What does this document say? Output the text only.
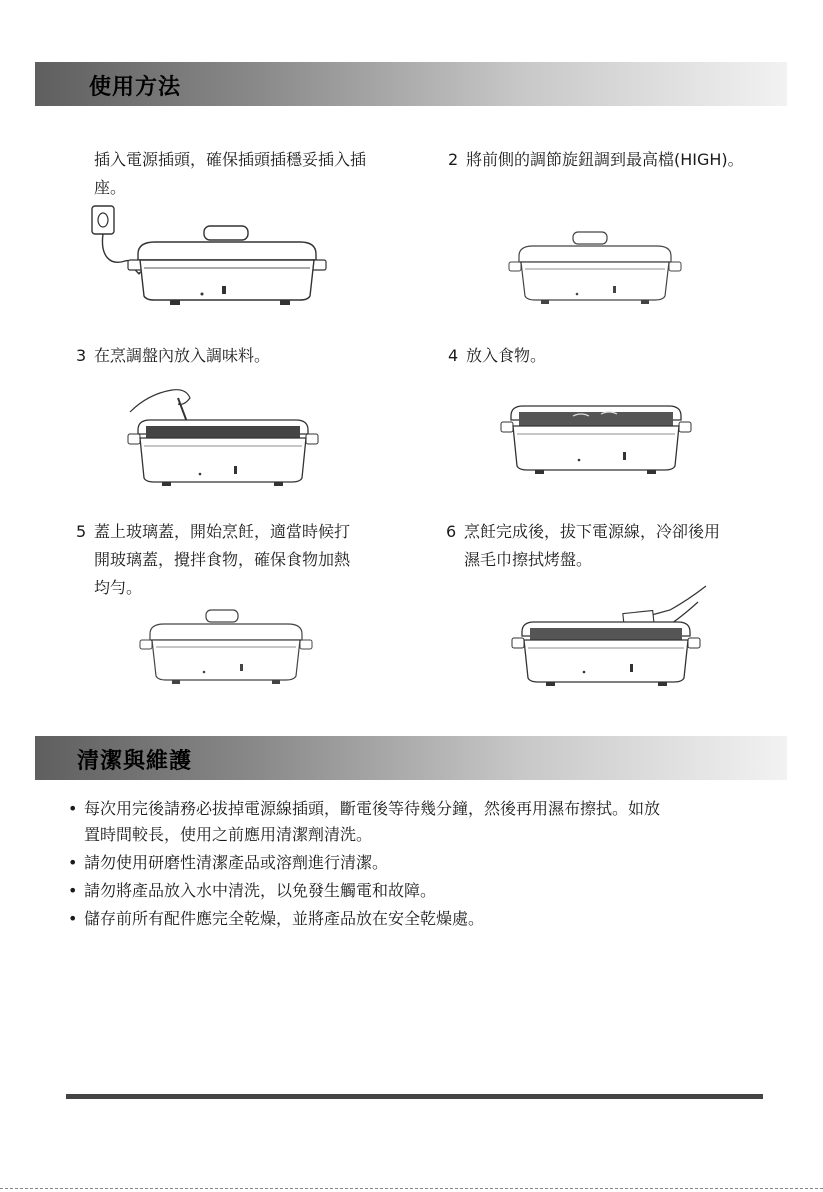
使用方法
插入電源插頭，確保插頭插穩妥插入插
座。
2 將前側的調節旋鈕調到最高檔(HIGH)。
3 在烹調盤內放入調味料。	4 放入食物。
5 蓋上玻璃蓋，開始烹飪，適當時候打
開玻璃蓋，攪拌食物，確保食物加熱
均勻。
6 烹飪完成後，拔下電源線，冷卻後用
濕毛巾擦拭烤盤。
清潔與維護
• 每次用完後請務必拔掉電源線插頭，斷電後等待幾分鐘，然後再用濕布擦拭。如放
置時間較長，使用之前應用清潔劑清洗。
• 請勿使用研磨性清潔產品或溶劑進行清潔。
• 請勿將產品放入水中清洗，以免發生觸電和故障。
• 儲存前所有配件應完全乾燥，並將產品放在安全乾燥處。
